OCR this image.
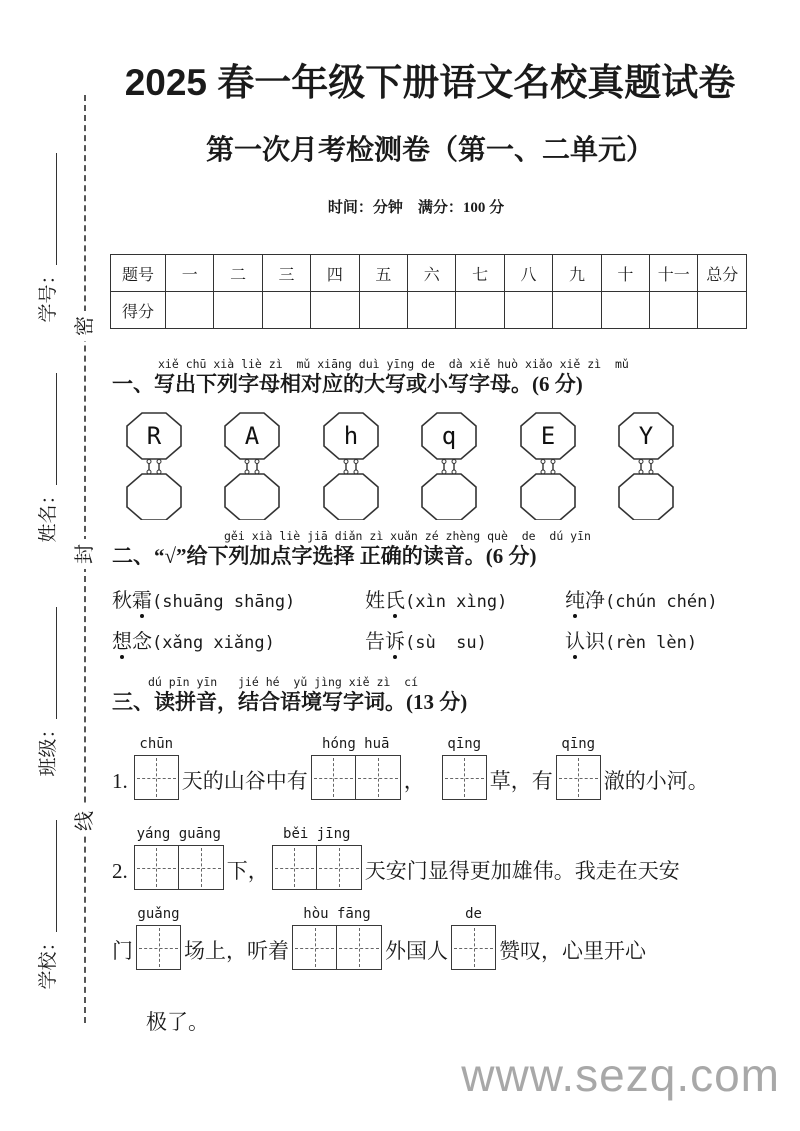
学号：
姓名：
班级：
学校：
密
封
线
2025 春一年级下册语文名校真题试卷
第一次月考检测卷（第一、二单元）
时间：分钟　满分：100 分
题号	一	二	三	四	五	六	七	八	九	十	十一	总分
得分												
xiě chū xià liè zì  mǔ xiāng duì yīng de  dà xiě huò xiǎo xiě zì  mǔ
一、写出下列字母相对应的大写或小写字母。(6 分)
R	A	h	q	E	Y
gěi xià liè jiā diǎn zì xuǎn zé zhèng què  de  dú yīn
二、“√”给下列加点字选择 正确的读音。(6 分)
秋霜(shuāng shāng)	姓氏(xìn xìng)	纯净(chún chén)
想念(xǎng xiǎng)	告诉(sù  su)	认识(rèn lèn)
dú pīn yīn   jié hé  yǔ jìng xiě zì  cí
三、读拼音，结合语境写字词。(13 分)
1.
chūn
天的山谷中有
hóng huā
，
qīng
草，有
qīng
澈的小河。
2.
yáng guāng
下，
běi jīng
天安门显得更加雄伟。我走在天安
门
guǎng
场上，听着
hòu fāng
外国人
de
赞叹，心里开心
极了。
www.sezq.com
